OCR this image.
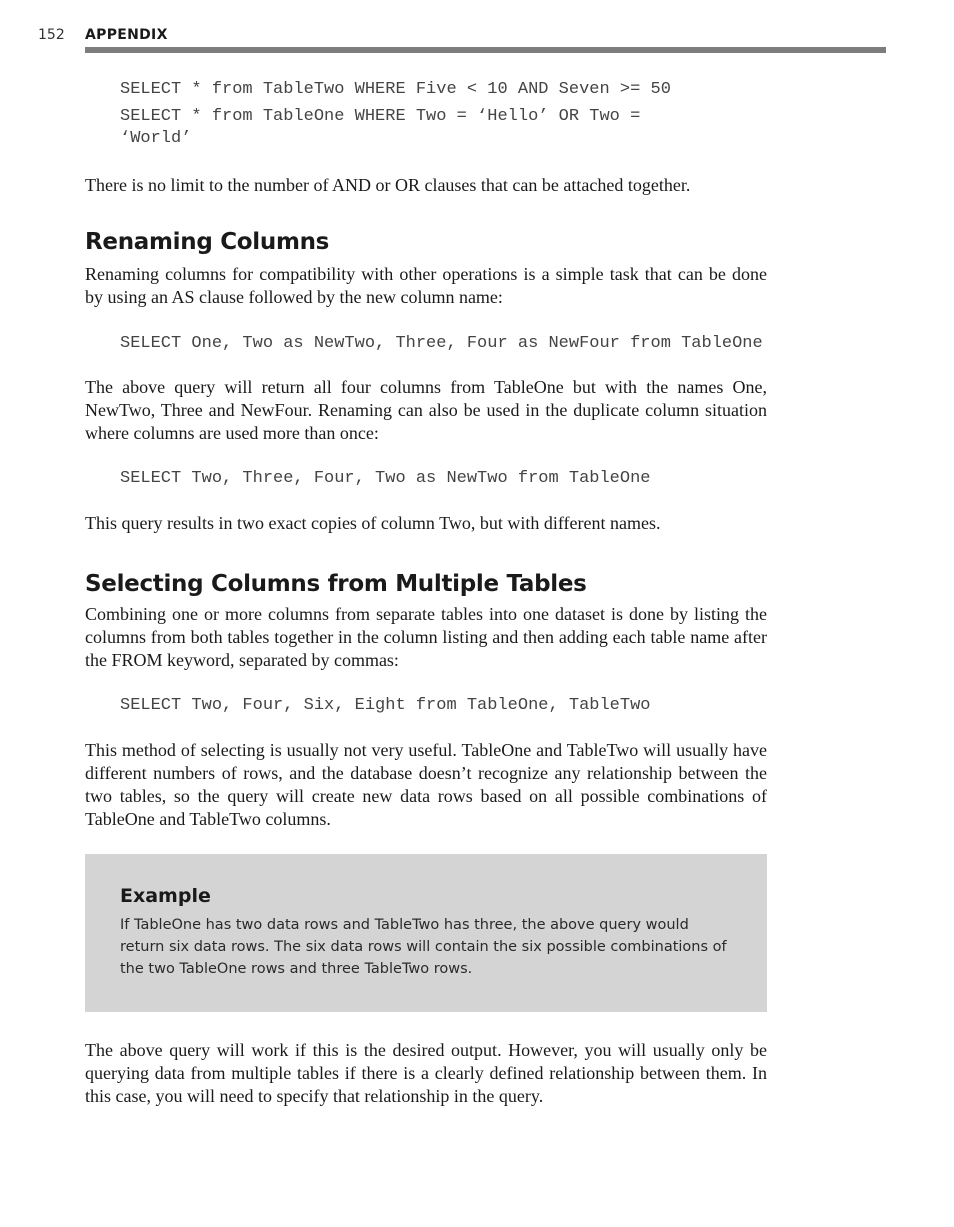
152 APPENDIX
SELECT * from TableTwo WHERE Five < 10 AND Seven >= 50
SELECT * from TableOne WHERE Two = ‘Hello’ OR Two =
‘World’

There is no limit to the number of AND or OR clauses that can be attached together.

Renaming Columns

Renaming columns for compatibility with other operations is a simple task that can be done by using an AS clause followed by the new column name:

SELECT One, Two as NewTwo, Three, Four as NewFour from TableOne

The above query will return all four columns from TableOne but with the names One, NewTwo, Three and NewFour. Renaming can also be used in the duplicate column situation where columns are used more than once:

SELECT Two, Three, Four, Two as NewTwo from TableOne

This query results in two exact copies of column Two, but with different names.

Selecting Columns from Multiple Tables

Combining one or more columns from separate tables into one dataset is done by listing the columns from both tables together in the column listing and then adding each table name after the FROM keyword, separated by commas:

SELECT Two, Four, Six, Eight from TableOne, TableTwo

This method of selecting is usually not very useful. TableOne and TableTwo will usually have different numbers of rows, and the database doesn’t recognize any relationship between the two tables, so the query will create new data rows based on all possible combinations of TableOne and TableTwo columns.

Example

If TableOne has two data rows and TableTwo has three, the above query would return six data rows. The six data rows will contain the six possible combinations of the two TableOne rows and three TableTwo rows.

The above query will work if this is the desired output. However, you will usually only be querying data from multiple tables if there is a clearly defined relationship between them. In this case, you will need to specify that relationship in the query.
